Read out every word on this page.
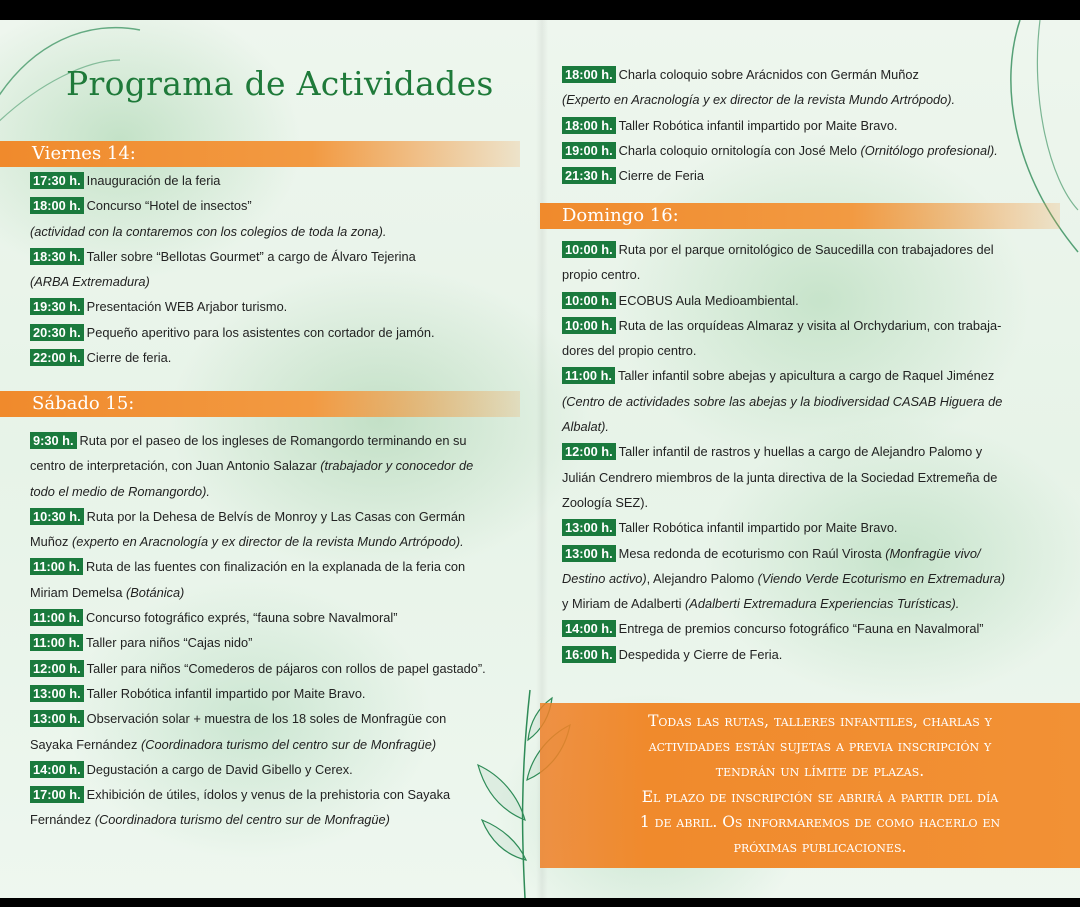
Programa de Actividades
Viernes 14:
17:30 h. Inauguración de la feria
18:00 h. Concurso “Hotel de insectos”
(actividad con la contaremos con los colegios de toda la zona).
18:30 h. Taller sobre “Bellotas Gourmet” a cargo de Álvaro Tejerina
(ARBA Extremadura)
19:30 h. Presentación WEB Arjabor turismo.
20:30 h. Pequeño aperitivo para los asistentes con cortador de jamón.
22:00 h. Cierre de feria.
Sábado 15:
9:30 h. Ruta por el paseo de los ingleses de Romangordo terminando en su
centro de interpretación, con Juan Antonio Salazar (trabajador y conocedor de
todo el medio de Romangordo).
10:30 h. Ruta por la Dehesa de Belvís de Monroy y Las Casas con Germán
Muñoz (experto en Aracnología y ex director de la revista Mundo Artrópodo).
11:00 h. Ruta de las fuentes con finalización en la explanada de la feria con
Miriam Demelsa (Botánica)
11:00 h. Concurso fotográfico exprés, “fauna sobre Navalmoral”
11:00 h. Taller para niños “Cajas nido”
12:00 h. Taller para niños “Comederos de pájaros con rollos de papel gastado”.
13:00 h. Taller Robótica infantil impartido por Maite Bravo.
13:00 h. Observación solar + muestra de los 18 soles de Monfragüe con
Sayaka Fernández (Coordinadora turismo del centro sur de Monfragüe)
14:00 h. Degustación a cargo de David Gibello y Cerex.
17:00 h. Exhibición de útiles, ídolos y venus de la prehistoria con Sayaka
Fernández (Coordinadora turismo del centro sur de Monfragüe)
18:00 h. Charla coloquio sobre Arácnidos con Germán Muñoz
(Experto en Aracnología y ex director de la revista Mundo Artrópodo).
18:00 h. Taller Robótica infantil impartido por Maite Bravo.
19:00 h. Charla coloquio ornitología con José Melo (Ornitólogo profesional).
21:30 h. Cierre de Feria
Domingo 16:
10:00 h. Ruta por el parque ornitológico de Saucedilla con trabajadores del
propio centro.
10:00 h. ECOBUS Aula Medioambiental.
10:00 h. Ruta de las orquídeas Almaraz y visita al Orchydarium, con trabaja-
dores del propio centro.
11:00 h. Taller infantil sobre abejas y apicultura a cargo de Raquel Jiménez
(Centro de actividades sobre las abejas y la biodiversidad CASAB Higuera de
Albalat).
12:00 h. Taller infantil de rastros y huellas a cargo de Alejandro Palomo y
Julián Cendrero miembros de la junta directiva de la Sociedad Extremeña de
Zoología SEZ).
13:00 h. Taller Robótica infantil impartido por Maite Bravo.
13:00 h. Mesa redonda de ecoturismo con Raúl Virosta (Monfragüe vivo/
Destino activo), Alejandro Palomo (Viendo Verde Ecoturismo en Extremadura)
y Miriam de Adalberti (Adalberti Extremadura Experiencias Turísticas).
14:00 h. Entrega de premios concurso fotográfico “Fauna en Navalmoral”
16:00 h. Despedida y Cierre de Feria.

Todas las rutas, talleres infantiles, charlas y
actividades están sujetas a previa inscripción y
tendrán un límite de plazas.
El plazo de inscripción se abrirá a partir del día
1 de abril. Os informaremos de como hacerlo en
próximas publicaciones.
